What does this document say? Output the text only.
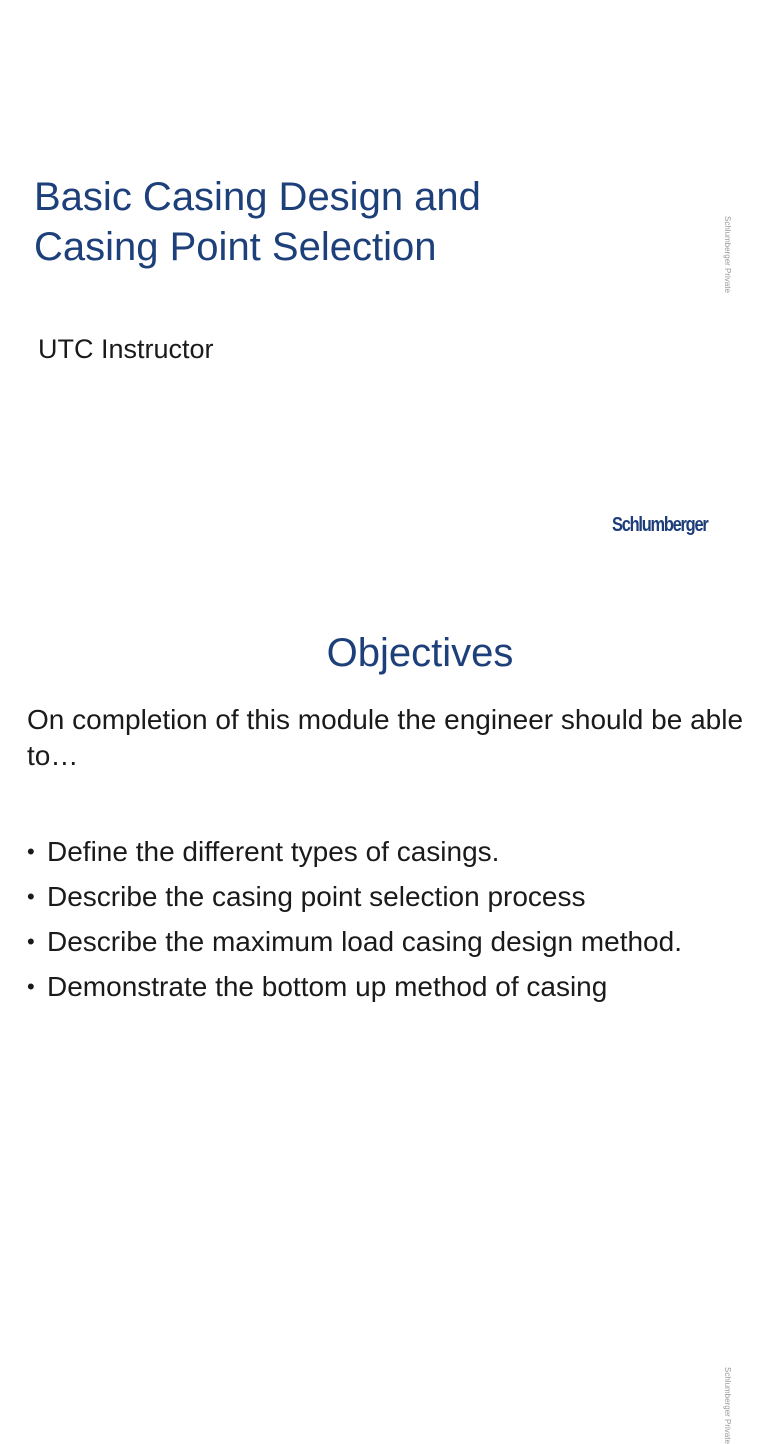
Basic Casing Design and
Casing Point Selection

UTC Instructor

Schlumberger Private
Schlumberger
Objectives

On completion of this module the engineer should be able to…

• Define the different types of casings.
• Describe the casing point selection process
• Describe the maximum load casing design method.
• Demonstrate the bottom up method of casing
Schlumberger Private
